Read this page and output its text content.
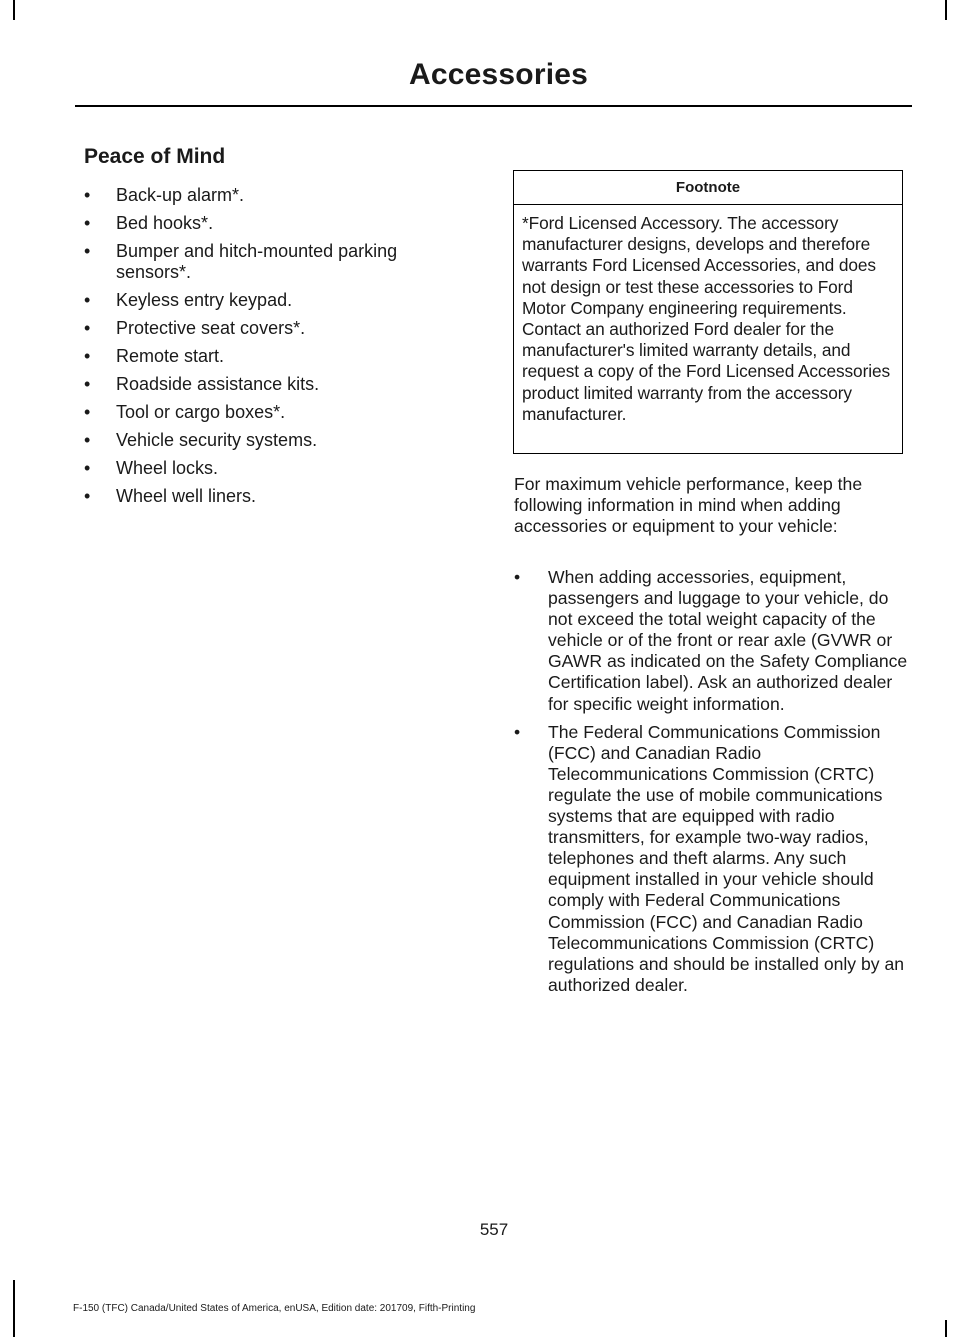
Accessories
Peace of Mind
• Back-up alarm*.
• Bed hooks*.
• Bumper and hitch-mounted parking sensors*.
• Keyless entry keypad.
• Protective seat covers*.
• Remote start.
• Roadside assistance kits.
• Tool or cargo boxes*.
• Vehicle security systems.
• Wheel locks.
• Wheel well liners.
Footnote
*Ford Licensed Accessory. The accessory manufacturer designs, develops and therefore warrants Ford Licensed Accessories, and does not design or test these accessories to Ford Motor Company engineering requirements. Contact an authorized Ford dealer for the manufacturer's limited warranty details, and request a copy of the Ford Licensed Accessories product limited warranty from the accessory manufacturer.

For maximum vehicle performance, keep the following information in mind when adding accessories or equipment to your vehicle:

• When adding accessories, equipment, passengers and luggage to your vehicle, do not exceed the total weight capacity of the vehicle or of the front or rear axle (GVWR or GAWR as indicated on the Safety Compliance Certification label). Ask an authorized dealer for specific weight information.
• The Federal Communications Commission (FCC) and Canadian Radio Telecommunications Commission (CRTC) regulate the use of mobile communications systems that are equipped with radio transmitters, for example two-way radios, telephones and theft alarms. Any such equipment installed in your vehicle should comply with Federal Communications Commission (FCC) and Canadian Radio Telecommunications Commission (CRTC) regulations and should be installed only by an authorized dealer.
557
F-150 (TFC) Canada/United States of America, enUSA, Edition date: 201709, Fifth-Printing
